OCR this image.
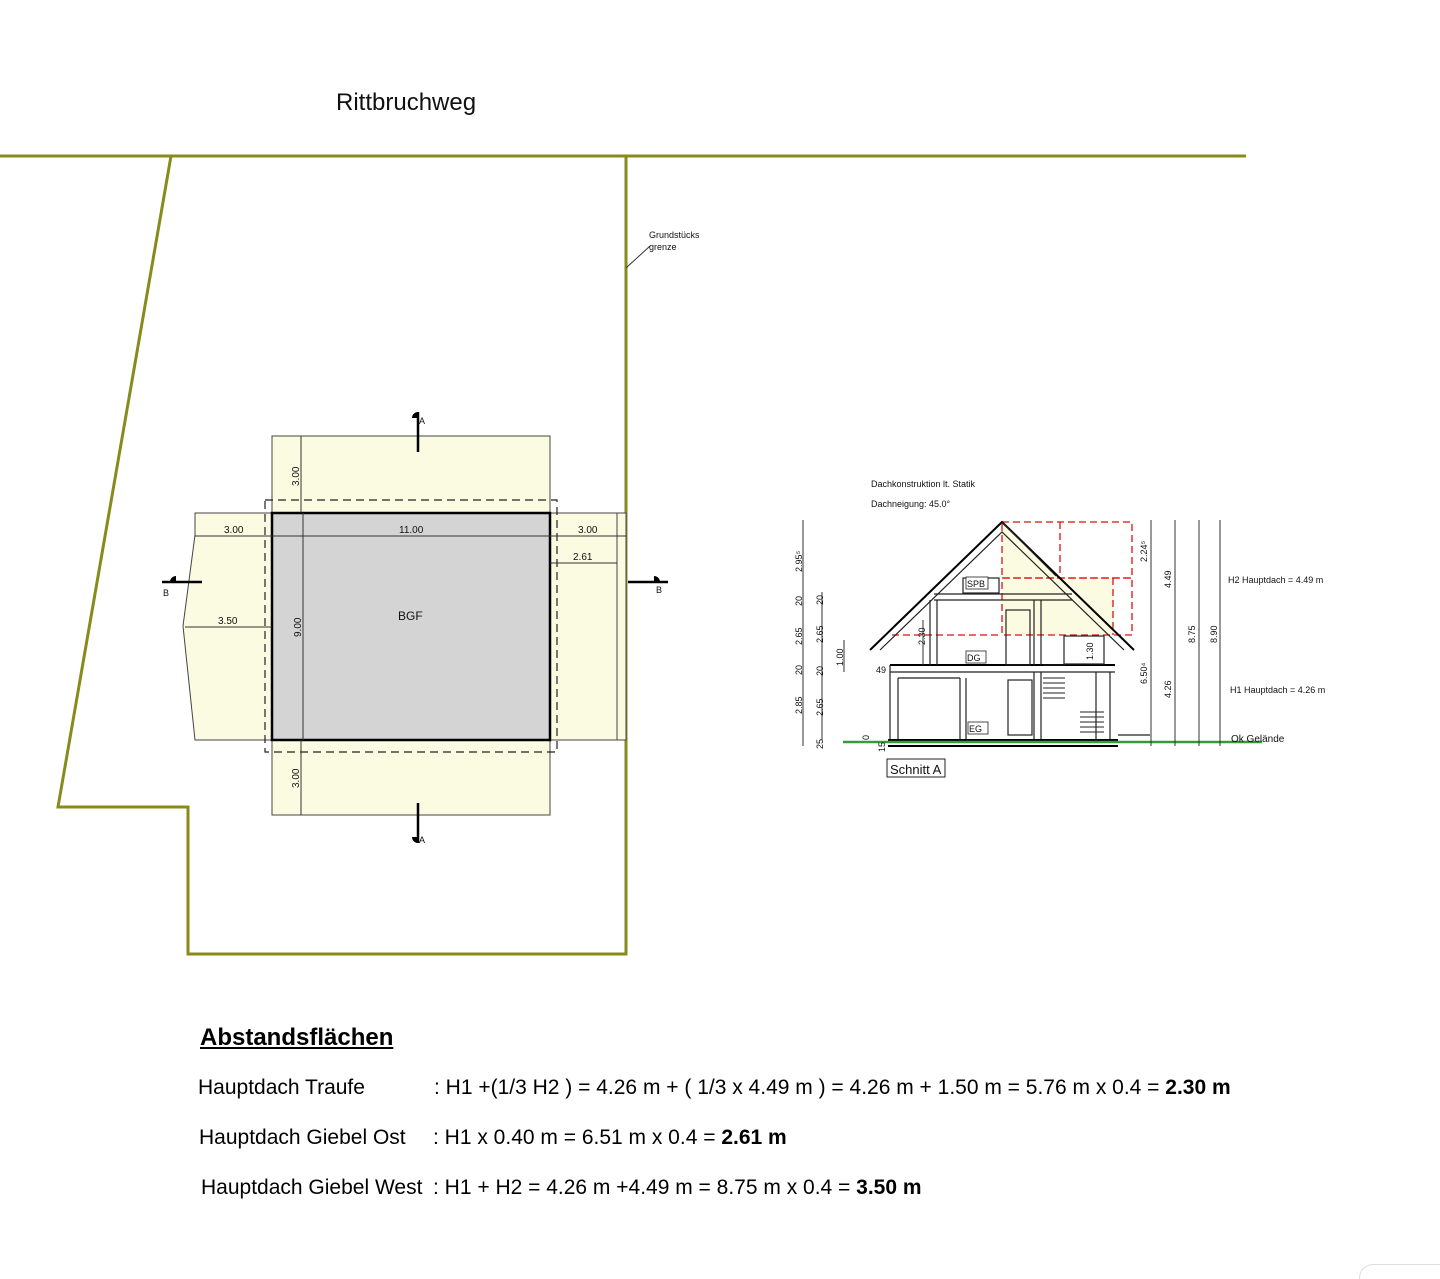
Rittbruchweg
Grundstücks
grenze
BGF
3.00
3.50
11.00	3.00
2.61
3.00
9.00
3.00
A
A
B	B
Dachkonstruktion lt. Statik
Dachneigung: 45.0°
SPB
DG
EG
2.95⁵
20
2.65
20
2.85
25
20
2.65
20
2.65
1.00
2.30
49
1.30
0
15
2.24⁵
6.50⁴
4.49
4.26
8.75 8.90
H2 Hauptdach = 4.49 m
H1 Hauptdach = 4.26 m
Ok Gelände
Schnitt A
Abstandsflächen
Hauptdach Traufe	: H1 +(1/3 H2 ) = 4.26 m + ( 1/3 x 4.49 m ) = 4.26 m + 1.50 m = 5.76 m x 0.4 = 2.30 m
Hauptdach Giebel Ost : H1 x 0.40 m = 6.51 m x 0.4 = 2.61 m
Hauptdach Giebel West : H1 + H2 = 4.26 m +4.49 m = 8.75 m x 0.4 = 3.50 m
